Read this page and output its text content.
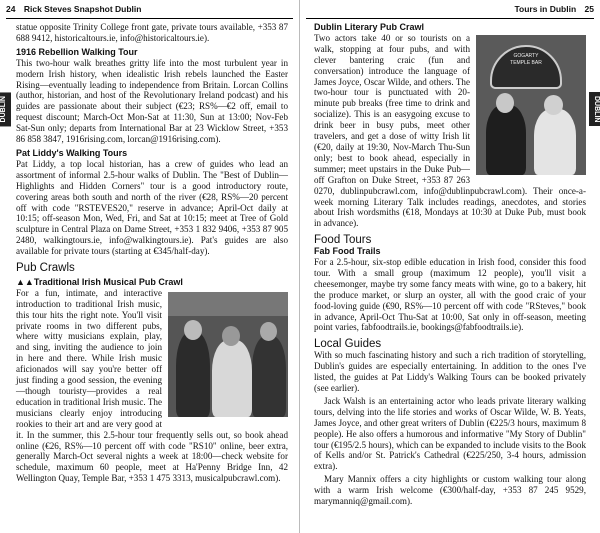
24 Rick Steves Snapshot Dublin
DUBLIN

statue opposite Trinity College front gate, private tours available, +353 87 688 9412, historicaltours.ie, info@historicaltours.ie).

1916 Rebellion Walking Tour

This two-hour walk breathes gritty life into the most turbulent year in modern Irish history, when idealistic Irish rebels launched the Easter Rising—eventually leading to independence from Britain. Lorcan Collins (author, historian, and host of the Revolutionary Ireland podcast) and his guides are passionate about their subject (€23; RS%—€2 off, email to request discount; March-Oct Mon-Sat at 11:30, Sun at 13:00; Nov-Feb Sat-Sun only; departs from International Bar at 23 Wicklow Street, +353 86 858 3847, 1916rising.com, lorcan@1916rising.com).

Pat Liddy's Walking Tours

Pat Liddy, a top local historian, has a crew of guides who lead an assortment of informal 2.5-hour walks of Dublin. The "Best of Dublin—Highlights and Hidden Corners" tour is a good introductory route, covering areas both south and north of the river (€28, RS%—20 percent off with code "RSTEVES20," reserve in advance; April-Oct daily at 10:15; off-season Mon, Wed, Fri, and Sat at 10:15; meet at Tree of Gold sculpture in Central Plaza on Dame Street, +353 1 832 9406, +353 87 905 2480, walkingtours.ie, info@walkingtours.ie). Pat's guides are also available for private tours (starting at €345/half-day).

Pub Crawls
▲▲Traditional Irish Musical Pub Crawl

For a fun, intimate, and interactive introduction to traditional Irish music, this tour hits the right note. You'll visit private rooms in two different pubs, where witty musicians explain, play, and sing, inviting the audience to join in here and there. While Irish music aficionados will say you're better off just finding a good session, the evening—though touristy—provides a real education in traditional Irish music. The musicians clearly enjoy introducing rookies to their art and are very good at it. In the summer, this 2.5-hour tour frequently sells out, so book ahead online (€26, RS%—10 percent off with code "RS10" online, beer extra, generally March-Oct several nights a week at 18:00—check website for schedule, maximum 60 people, meet at Ha'Penny Bridge Inn, 42 Wellington Quay, Temple Bar, +353 1 475 3313, musicalpubcrawl.com).

Tours in Dublin 25
DUBLIN
Dublin Literary Pub Crawl
GOGARTY
TEMPLE BAR

Two actors take 40 or so tourists on a walk, stopping at four pubs, and with clever bantering craic (fun and conversation) introduce the language of James Joyce, Oscar Wilde, and others. The two-hour tour is punctuated with 20-minute pub breaks (free time to drink and socialize). This is an easygoing excuse to drink beer in busy pubs, meet other travelers, and get a dose of witty Irish lit (€20, daily at 19:30, Nov-March Thu-Sun only; best to book ahead, especially in summer; meet upstairs in the Duke Pub—off Grafton on Duke Street, +353 87 263 0270, dublinpubcrawl.com, info@dublinpubcrawl.com). Their once-a-week morning Literary Talk includes readings, anecdotes, and stories about Irish wordsmiths (€18, Mondays at 10:30 at Duke Pub, must book in advance).

Food Tours
Fab Food Trails

For a 2.5-hour, six-stop edible education in Irish food, consider this food tour. With a small group (maximum 12 people), you'll visit a cheesemonger, maybe try some fancy meats with wine, go to a bakery, hit the produce market, or slurp an oyster, all with the good craic of your food-loving guide (€90, RS%—10 percent off with code "RSteves," book in advance, April-Oct Thu-Sat at 10:00, Sat only in off-season, meeting point varies, fabfoodtrails.ie, bookings@fabfoodtrails.ie).

Local Guides

With so much fascinating history and such a rich tradition of storytelling, Dublin's guides are especially entertaining. In addition to the ones I've listed, the guides at Pat Liddy's Walking Tours can be booked privately (see earlier).

Jack Walsh is an entertaining actor who leads private literary walking tours, delving into the life stories and works of Oscar Wilde, W. B. Yeats, James Joyce, and other great writers of Dublin (€225/3 hours, maximum 8 people). He also offers a humorous and informative "My Story of Dublin" tour (€195/2.5 hours), which can be expanded to include visits to the Book of Kells and/or St. Patrick's Cathedral (€225/250, 3-4 hours, admission extra).

Mary Mannix offers a city highlights or custom walking tour along with a warm Irish welcome (€300/half-day, +353 87 245 9529, marymanniq@gmail.com).
